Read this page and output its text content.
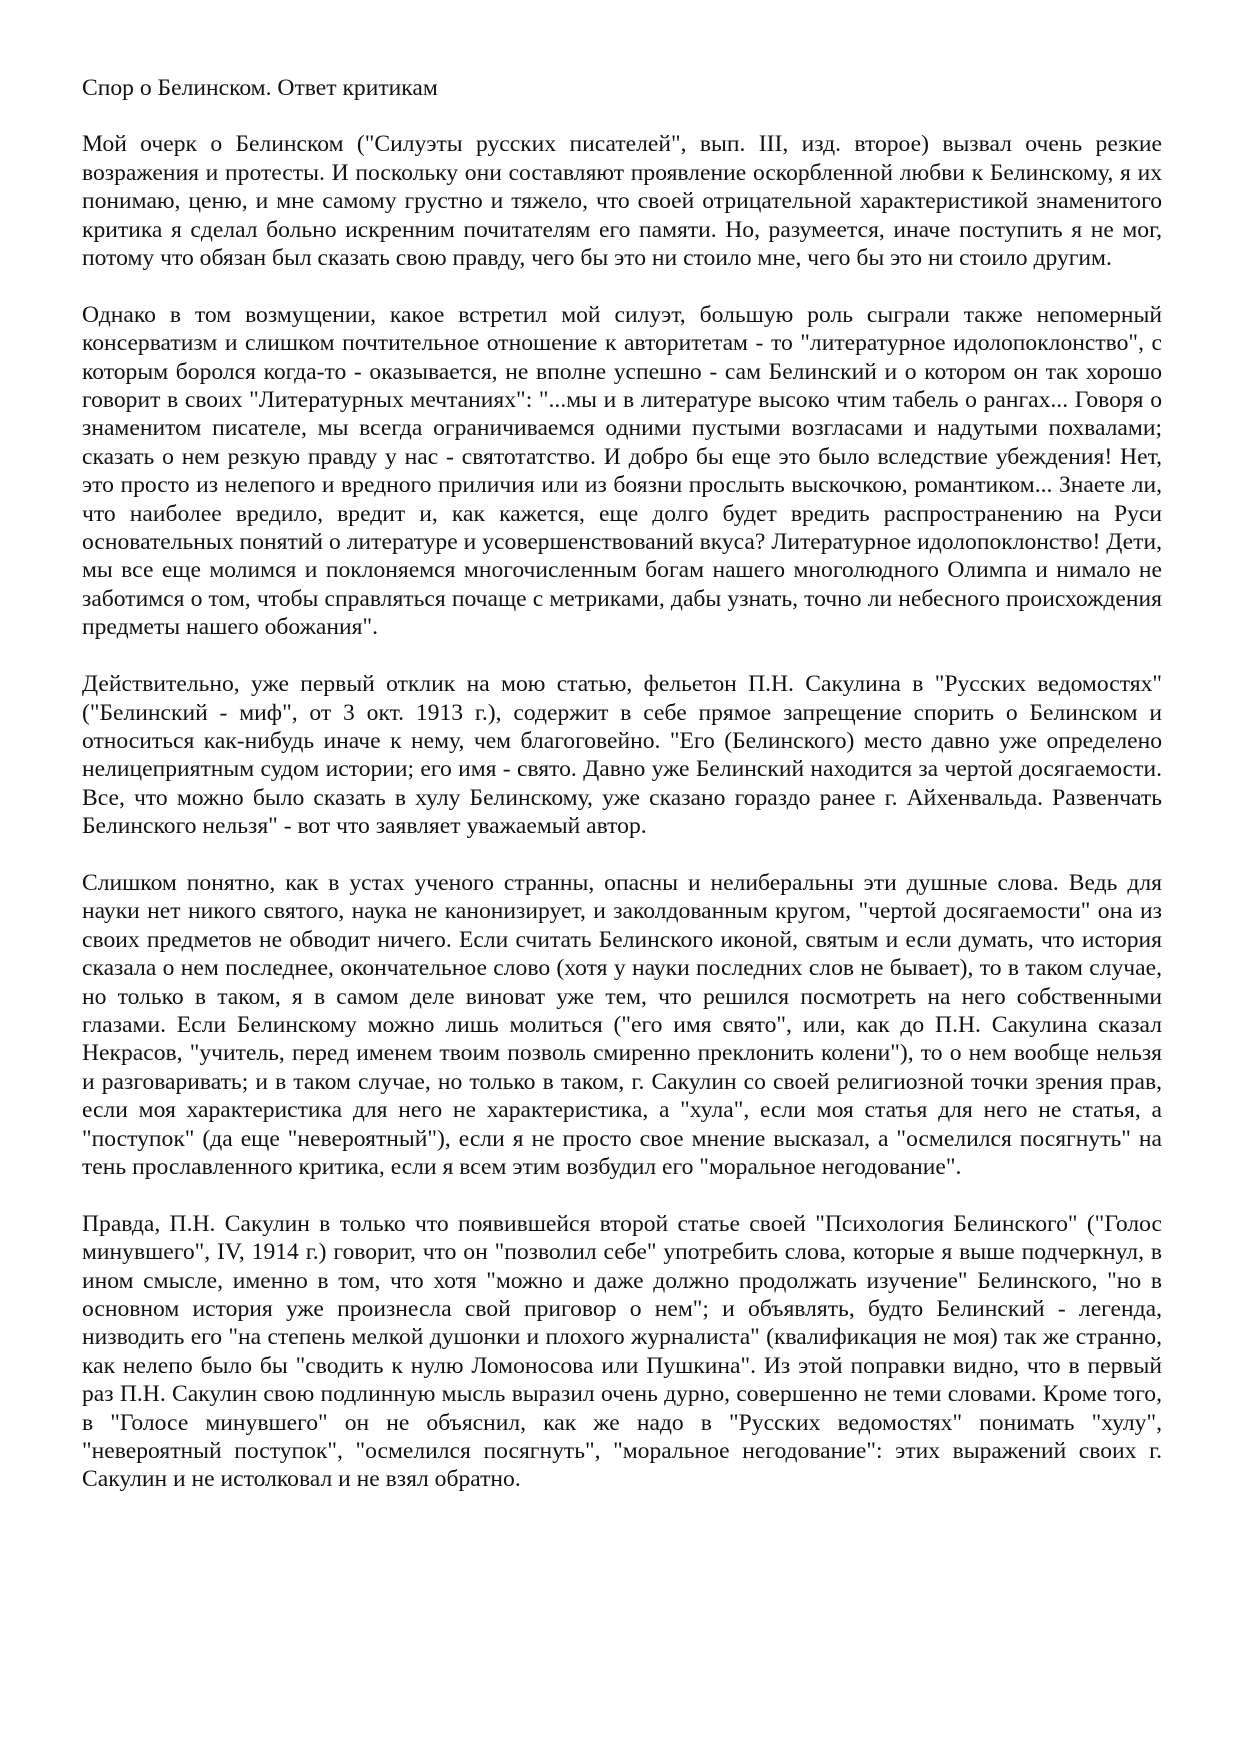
Спор о Белинском. Ответ критикам

Мой очерк о Белинском ("Силуэты русских писателей", вып. III, изд. второе) вызвал очень резкие возражения и протесты. И поскольку они составляют проявление оскорбленной любви к Белинскому, я их понимаю, ценю, и мне самому грустно и тяжело, что своей отрицательной характеристикой знаменитого критика я сделал больно искренним почитателям его памяти. Но, разумеется, иначе поступить я не мог, потому что обязан был сказать свою правду, чего бы это ни стоило мне, чего бы это ни стоило другим.

Однако в том возмущении, какое встретил мой силуэт, большую роль сыграли также непомерный консерватизм и слишком почтительное отношение к авторитетам - то "литературное идолопоклонство", с которым боролся когда-то - оказывается, не вполне успешно - сам Белинский и о котором он так хорошо говорит в своих "Литературных мечтаниях": "...мы и в литературе высоко чтим табель о рангах... Говоря о знаменитом писателе, мы всегда ограничиваемся одними пустыми возгласами и надутыми похвалами; сказать о нем резкую правду у нас - святотатство. И добро бы еще это было вследствие убеждения! Нет, это просто из нелепого и вредного приличия или из боязни прослыть выскочкою, романтиком... Знаете ли, что наиболее вредило, вредит и, как кажется, еще долго будет вредить распространению на Руси основательных понятий о литературе и усовершенствований вкуса? Литературное идолопоклонство! Дети, мы все еще молимся и поклоняемся многочисленным богам нашего многолюдного Олимпа и нимало не заботимся о том, чтобы справляться почаще с метриками, дабы узнать, точно ли небесного происхождения предметы нашего обожания".

Действительно, уже первый отклик на мою статью, фельетон П.Н. Сакулина в "Русских ведомостях" ("Белинский - миф", от 3 окт. 1913 г.), содержит в себе прямое запрещение спорить о Белинском и относиться как-нибудь иначе к нему, чем благоговейно. "Его (Белинского) место давно уже определено нелицеприятным судом истории; его имя - свято. Давно уже Белинский находится за чертой досягаемости. Все, что можно было сказать в хулу Белинскому, уже сказано гораздо ранее г. Айхенвальда. Развенчать Белинского нельзя" - вот что заявляет уважаемый автор.

Слишком понятно, как в устах ученого странны, опасны и нелиберальны эти душные слова. Ведь для науки нет никого святого, наука не канонизирует, и заколдованным кругом, "чертой досягаемости" она из своих предметов не обводит ничего. Если считать Белинского иконой, святым и если думать, что история сказала о нем последнее, окончательное слово (хотя у науки последних слов не бывает), то в таком случае, но только в таком, я в самом деле виноват уже тем, что решился посмотреть на него собственными глазами. Если Белинскому можно лишь молиться ("его имя свято", или, как до П.Н. Сакулина сказал Некрасов, "учитель, перед именем твоим позволь смиренно преклонить колени"), то о нем вообще нельзя и разговаривать; и в таком случае, но только в таком, г. Сакулин со своей религиозной точки зрения прав, если моя характеристика для него не характеристика, а "хула", если моя статья для него не статья, а "поступок" (да еще "невероятный"), если я не просто свое мнение высказал, а "осмелился посягнуть" на тень прославленного критика, если я всем этим возбудил его "моральное негодование".

Правда, П.Н. Сакулин в только что появившейся второй статье своей "Психология Белинского" ("Голос минувшего", IV, 1914 г.) говорит, что он "позволил себе" употребить слова, которые я выше подчеркнул, в ином смысле, именно в том, что хотя "можно и даже должно продолжать изучение" Белинского, "но в основном история уже произнесла свой приговор о нем"; и объявлять, будто Белинский - легенда, низводить его "на степень мелкой душонки и плохого журналиста" (квалификация не моя) так же странно, как нелепо было бы "сводить к нулю Ломоносова или Пушкина". Из этой поправки видно, что в первый раз П.Н. Сакулин свою подлинную мысль выразил очень дурно, совершенно не теми словами. Кроме того, в "Голосе минувшего" он не объяснил, как же надо в "Русских ведомостях" понимать "хулу", "невероятный поступок", "осмелился посягнуть", "моральное негодование": этих выражений своих г. Сакулин и не истолковал и не взял обратно.
